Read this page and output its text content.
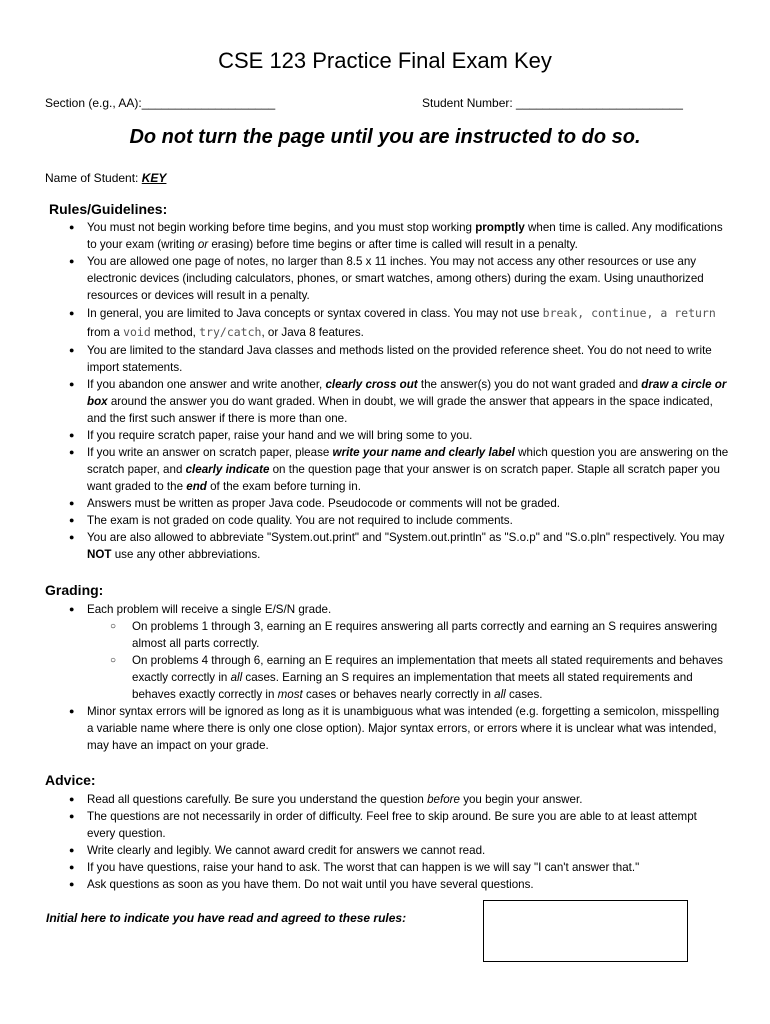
CSE 123 Practice Final Exam Key
Section (e.g., AA):____________________	Student Number: _________________________
Do not turn the page until you are instructed to do so.
Name of Student: KEY
Rules/Guidelines:
● You must not begin working before time begins, and you must stop working promptly when time is called. Any modifications to your exam (writing or erasing) before time begins or after time is called will result in a penalty.
● You are allowed one page of notes, no larger than 8.5 x 11 inches. You may not access any other resources or use any electronic devices (including calculators, phones, or smart watches, among others) during the exam. Using unauthorized resources or devices will result in a penalty.
● In general, you are limited to Java concepts or syntax covered in class. You may not use break, continue, a return from a void method, try/catch, or Java 8 features.
● You are limited to the standard Java classes and methods listed on the provided reference sheet. You do not need to write import statements.
● If you abandon one answer and write another, clearly cross out the answer(s) you do not want graded and draw a circle or box around the answer you do want graded. When in doubt, we will grade the answer that appears in the space indicated, and the first such answer if there is more than one.
● If you require scratch paper, raise your hand and we will bring some to you.
● If you write an answer on scratch paper, please write your name and clearly label which question you are answering on the scratch paper, and clearly indicate on the question page that your answer is on scratch paper. Staple all scratch paper you want graded to the end of the exam before turning in.
● Answers must be written as proper Java code. Pseudocode or comments will not be graded.
● The exam is not graded on code quality. You are not required to include comments.
● You are also allowed to abbreviate "System.out.print" and "System.out.println" as "S.o.p" and "S.o.pln" respectively. You may NOT use any other abbreviations.
Grading:
● Each problem will receive a single E/S/N grade.
○ On problems 1 through 3, earning an E requires answering all parts correctly and earning an S requires answering almost all parts correctly.
○ On problems 4 through 6, earning an E requires an implementation that meets all stated requirements and behaves exactly correctly in all cases. Earning an S requires an implementation that meets all stated requirements and behaves exactly correctly in most cases or behaves nearly correctly in all cases.
● Minor syntax errors will be ignored as long as it is unambiguous what was intended (e.g. forgetting a semicolon, misspelling a variable name where there is only one close option). Major syntax errors, or errors where it is unclear what was intended, may have an impact on your grade.
Advice:
● Read all questions carefully. Be sure you understand the question before you begin your answer.
● The questions are not necessarily in order of difficulty. Feel free to skip around. Be sure you are able to at least attempt every question.
● Write clearly and legibly. We cannot award credit for answers we cannot read.
● If you have questions, raise your hand to ask. The worst that can happen is we will say "I can't answer that."
● Ask questions as soon as you have them. Do not wait until you have several questions.
Initial here to indicate you have read and agreed to these rules:
